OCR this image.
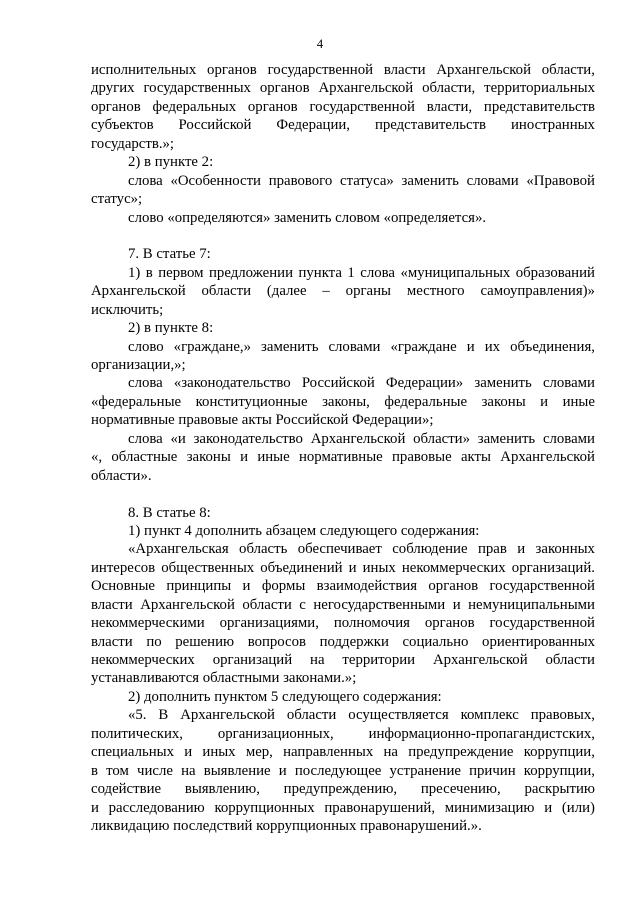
4
исполнительных органов государственной власти Архангельской области,
других государственных органов Архангельской области, территориальных
органов федеральных органов государственной власти, представительств
субъектов Российской Федерации, представительств иностранных
государств.»;
2) в пункте 2:
слова «Особенности правового статуса» заменить словами «Правовой
статус»;
слово «определяются» заменить словом «определяется».
7. В статье 7:
1) в первом предложении пункта 1 слова «муниципальных образований
Архангельской области (далее – органы местного самоуправления)»
исключить;
2) в пункте 8:
слово «граждане,» заменить словами «граждане и их объединения,
организации,»;
слова «законодательство Российской Федерации» заменить словами
«федеральные конституционные законы, федеральные законы и иные
нормативные правовые акты Российской Федерации»;
слова «и законодательство Архангельской области» заменить словами
«, областные законы и иные нормативные правовые акты Архангельской
области».
8. В статье 8:
1) пункт 4 дополнить абзацем следующего содержания:
«Архангельская область обеспечивает соблюдение прав и законных
интересов общественных объединений и иных некоммерческих организаций.
Основные принципы и формы взаимодействия органов государственной
власти Архангельской области с негосударственными и немуниципальными
некоммерческими организациями, полномочия органов государственной
власти по решению вопросов поддержки социально ориентированных
некоммерческих организаций на территории Архангельской области
устанавливаются областными законами.»;
2) дополнить пунктом 5 следующего содержания:
«5. В Архангельской области осуществляется комплекс правовых,
политических, организационных, информационно-пропагандистских,
специальных и иных мер, направленных на предупреждение коррупции,
в том числе на выявление и последующее устранение причин коррупции,
содействие выявлению, предупреждению, пресечению, раскрытию
и расследованию коррупционных правонарушений, минимизацию и (или)
ликвидацию последствий коррупционных правонарушений.».
